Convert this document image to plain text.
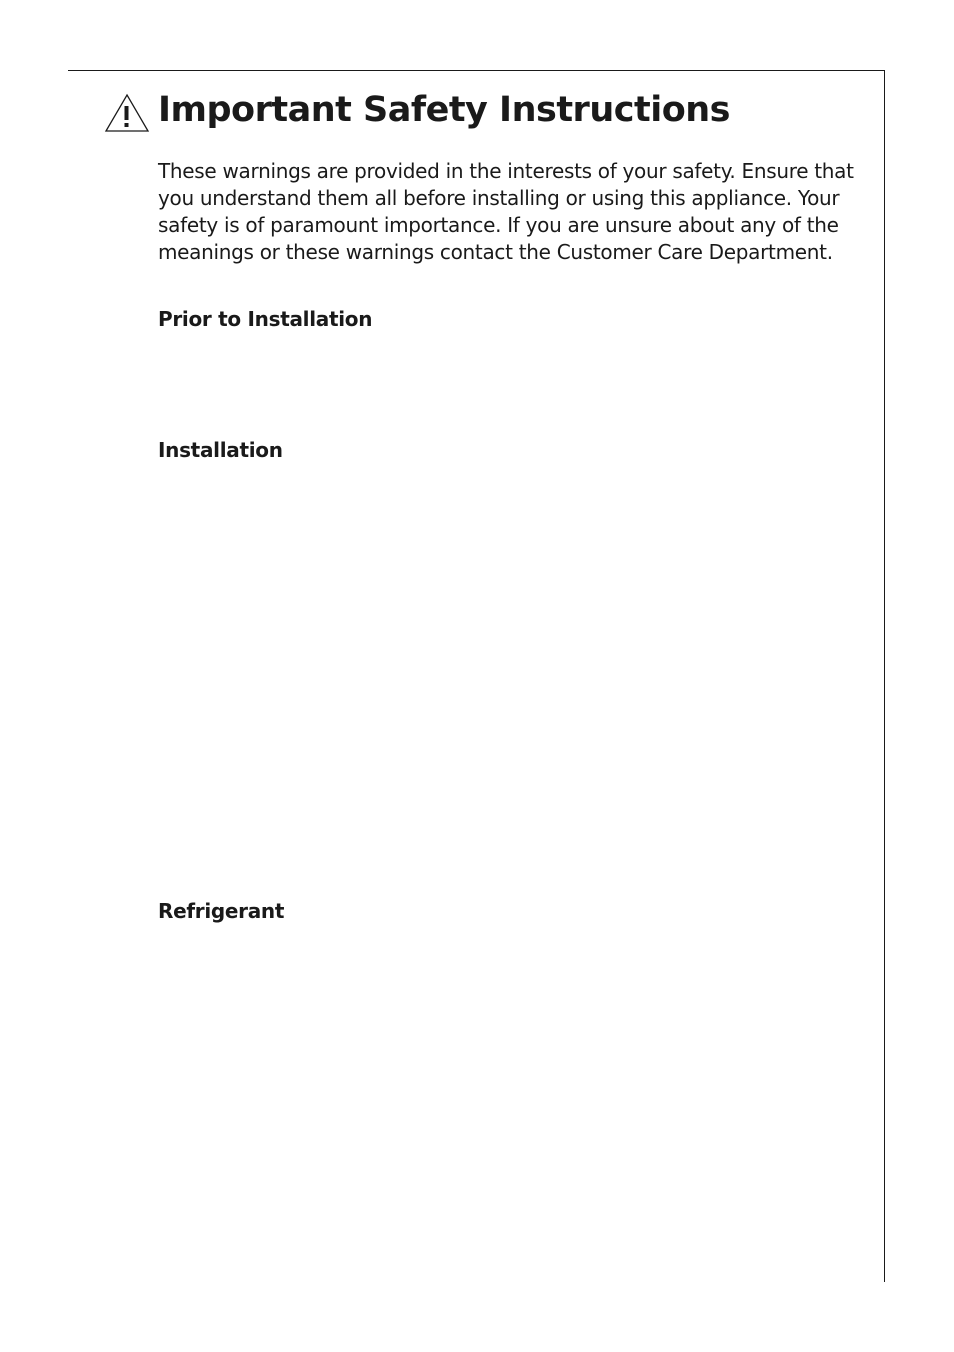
Important Safety Instructions

These warnings are provided in the interests of your safety. Ensure that you understand them all before installing or using this appliance. Your safety is of paramount importance. If you are unsure about any of the meanings or these warnings contact the Customer Care Department.

Prior to Installation
Installation
Refrigerant
